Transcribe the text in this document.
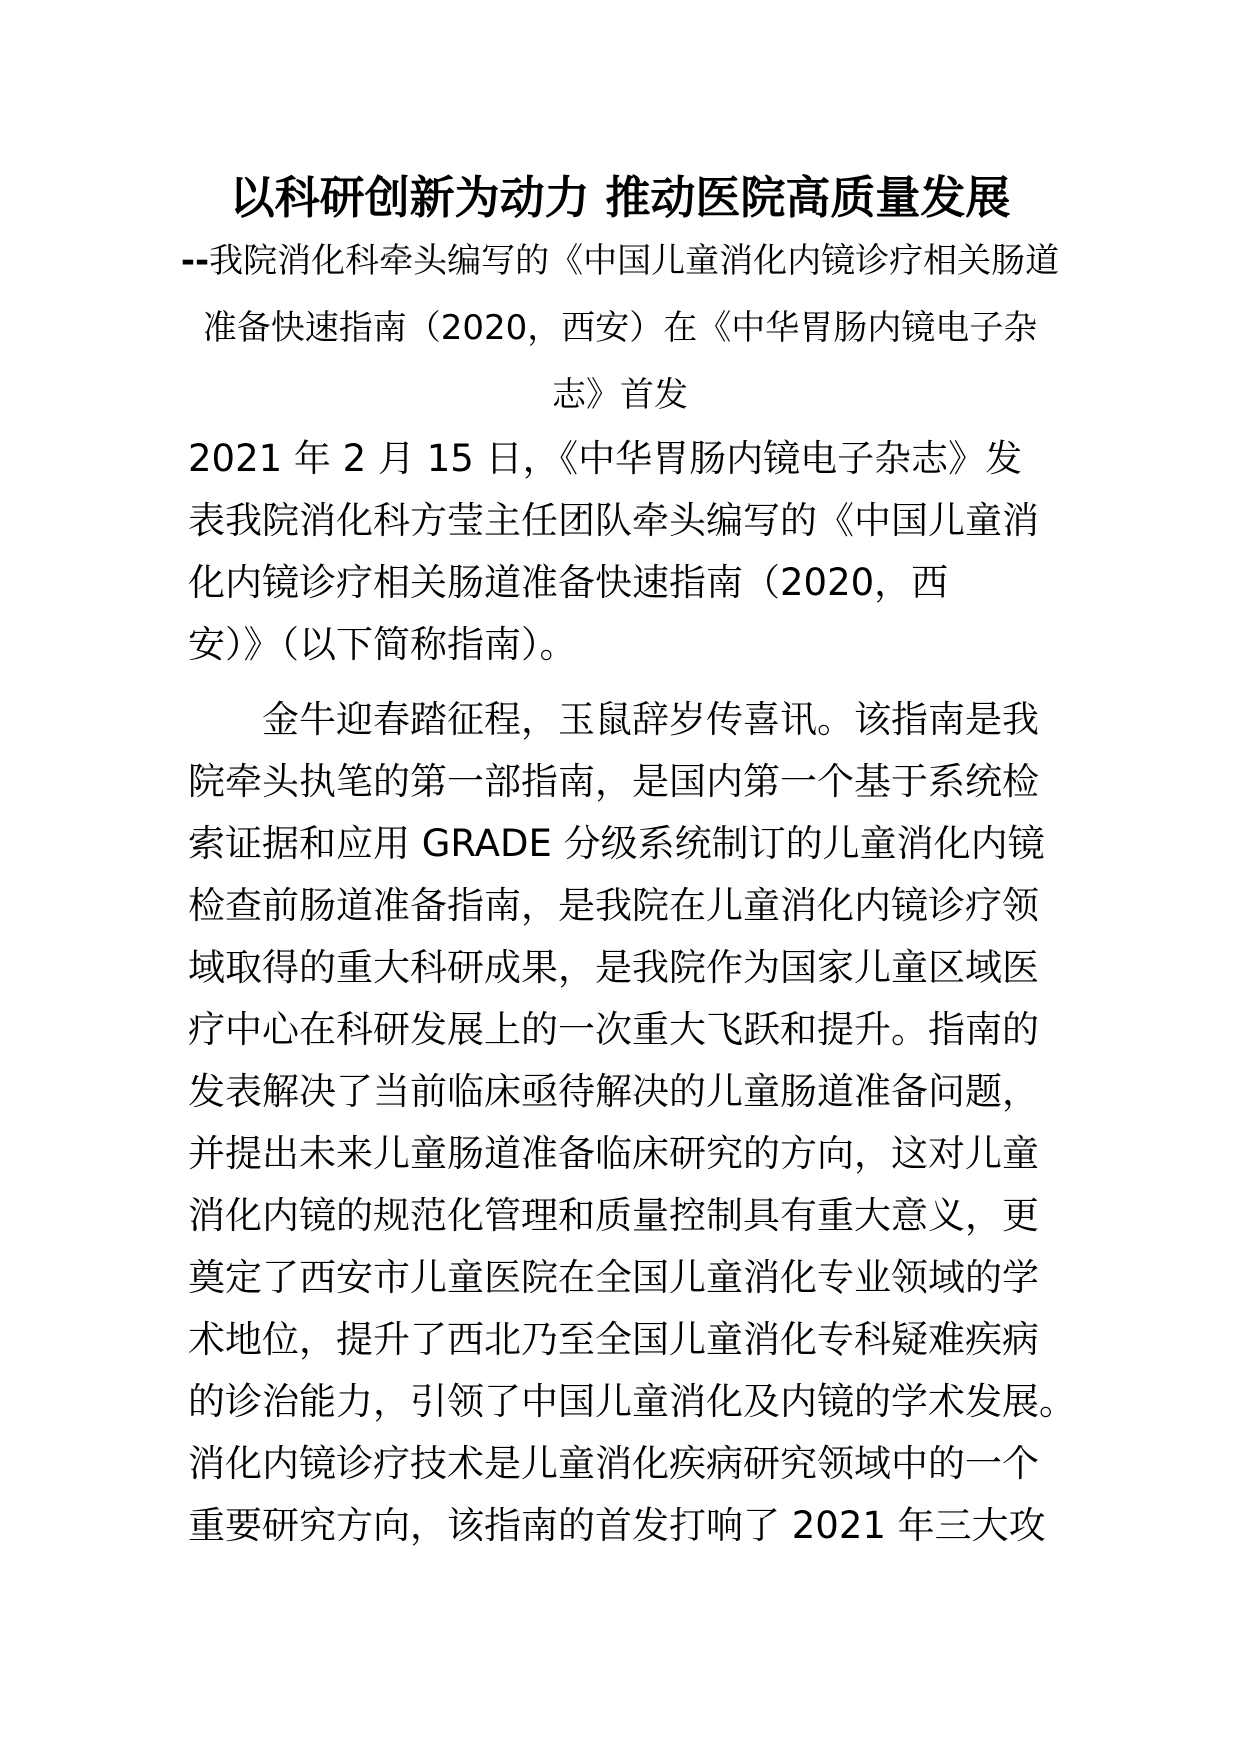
以科研创新为动力 推动医院高质量发展
--我院消化科牵头编写的《中国儿童消化内镜诊疗相关肠道
准备快速指南（2020，西安）在《中华胃肠内镜电子杂
志》首发
2021 年 2 月 15 日，《中华胃肠内镜电子杂志》发
表我院消化科方莹主任团队牵头编写的《中国儿童消
化内镜诊疗相关肠道准备快速指南（2020，西
安）》（以下简称指南）。
　　金牛迎春踏征程，玉鼠辞岁传喜讯。该指南是我
院牵头执笔的第一部指南，是国内第一个基于系统检
索证据和应用 GRADE 分级系统制订的儿童消化内镜
检查前肠道准备指南，是我院在儿童消化内镜诊疗领
域取得的重大科研成果，是我院作为国家儿童区域医
疗中心在科研发展上的一次重大飞跃和提升。指南的
发表解决了当前临床亟待解决的儿童肠道准备问题，
并提出未来儿童肠道准备临床研究的方向，这对儿童
消化内镜的规范化管理和质量控制具有重大意义，更
奠定了西安市儿童医院在全国儿童消化专业领域的学
术地位，提升了西北乃至全国儿童消化专科疑难疾病
的诊治能力，引领了中国儿童消化及内镜的学术发展。
消化内镜诊疗技术是儿童消化疾病研究领域中的一个
重要研究方向，该指南的首发打响了 2021 年三大攻
